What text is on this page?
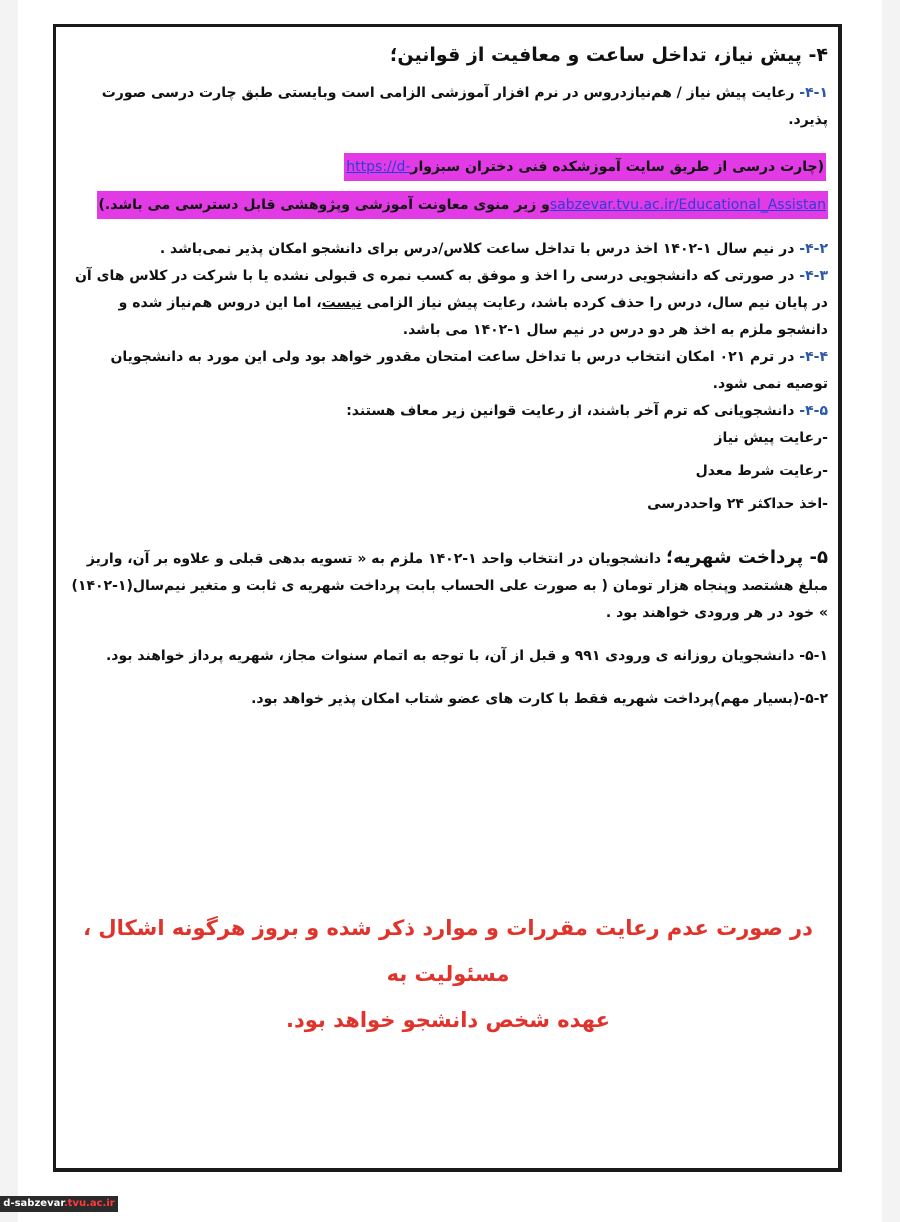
۴- پیش نیاز، تداخل ساعت و معافیت از قوانین؛

۴-۱- رعایت پیش نیاز / هم‌نیازدروس در نرم افزار آموزشی الزامی است وبایستی طبق چارت درسی صورت پذیرد.

(چارت درسی از طریق سایت آموزشکده فنی دختران سبزوارhttps://d-sabzevar.tvu.ac.ir/Educational_Assistanو زیر منوی معاونت آموزشی وپژوهشی قابل دسترسی می باشد.)

۴-۲- در نیم سال ۱-۱۴۰۲ اخذ درس با تداخل ساعت کلاس/درس برای دانشجو امکان پذیر نمی‌باشد .

۴-۳- در صورتی که دانشجویی درسی را اخذ و موفق به کسب نمره ی قبولی نشده یا با شرکت در کلاس های آن در پایان نیم سال، درس را حذف کرده باشد، رعایت پیش نیاز الزامی نیست، اما این دروس هم‌نیاز شده و دانشجو ملزم به اخذ هر دو درس در نیم سال ۱-۱۴۰۲ می باشد.

۴-۴- در ترم ۰۲۱ امکان انتخاب درس با تداخل ساعت امتحان مقدور خواهد بود ولی این مورد به دانشجویان توصیه نمی شود.

۴-۵- دانشجویانی که ترم آخر باشند، از رعایت قوانین زیر معاف هستند:

-رعایت پیش نیاز

-رعایت شرط معدل

-اخذ حداکثر ۲۴ واحددرسی

۵- پرداخت شهریه؛ دانشجویان در انتخاب واحد ۱-۱۴۰۲ ملزم به « تسویه بدهی قبلی و علاوه بر آن، واریز مبلغ هشتصد وپنجاه هزار تومان ( به صورت علی الحساب بابت پرداخت شهریه ی ثابت و متغیر نیم‌سال(۱-۱۴۰۲) » خود در هر ورودی خواهند بود .

۵-۱- دانشجویان روزانه ی ورودی ۹۹۱ و قبل از آن، با توجه به اتمام سنوات مجاز، شهریه پرداز خواهند بود.

۵-۲-(بسیار مهم)پرداخت شهریه فقط با کارت های عضو شتاب امکان پذیر خواهد بود.

در صورت عدم رعایت مقررات و موارد ذکر شده و بروز هرگونه اشکال ، مسئولیت به
عهده شخص دانشجو خواهد بود.
d-sabzevar.tvu.ac.ir
